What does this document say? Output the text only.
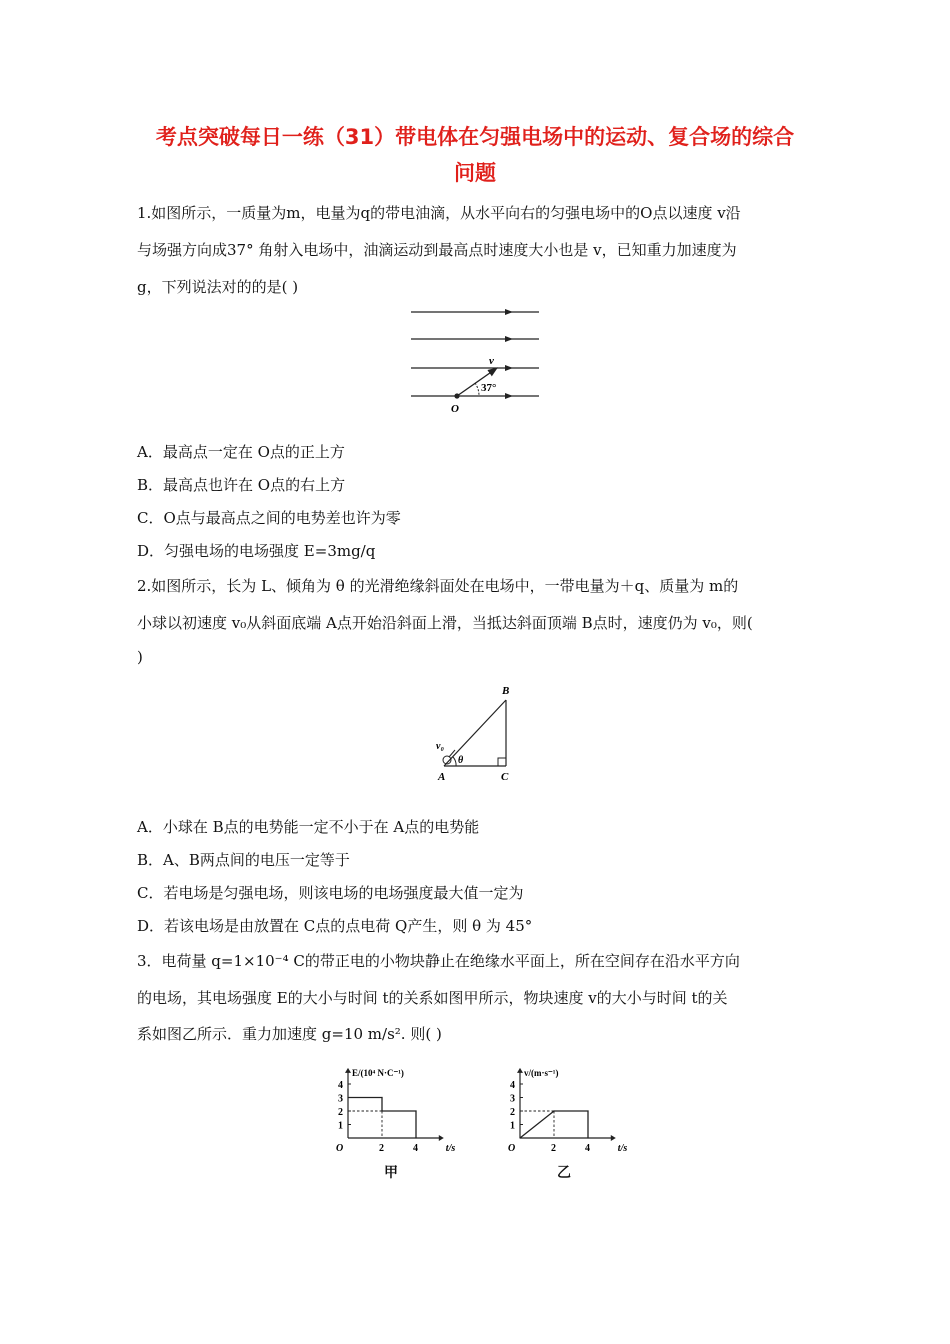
考点突破每日一练（31）带电体在匀强电场中的运动、复合场的综合
问题
1.如图所示，一质量为m，电量为q的带电油滴，从水平向右的匀强电场中的O点以速度 v沿
与场强方向成37° 角射入电场中，油滴运动到最高点时速度大小也是 v，已知重力加速度为
g，下列说法对的的是( )
v
37°
O
A．最高点一定在 O点的正上方
B．最高点也许在 O点的右上方
C．O点与最高点之间的电势差也许为零
D．匀强电场的电场强度 E=3mg/q
2.如图所示，长为 L、倾角为 θ 的光滑绝缘斜面处在电场中，一带电量为＋q、质量为 m的
小球以初速度 v₀从斜面底端 A点开始沿斜面上滑，当抵达斜面顶端 B点时，速度仍为 v₀，则(
)
B
A	C
v₀
θ
A．小球在 B点的电势能一定不小于在 A点的电势能
B．A、B两点间的电压一定等于
C．若电场是匀强电场，则该电场的电场强度最大值一定为
D．若该电场是由放置在 C点的点电荷 Q产生，则 θ 为 45°
3．电荷量 q=1×10⁻⁴ C的带正电的小物块静止在绝缘水平面上，所在空间存在沿水平方向
的电场，其电场强度 E的大小与时间 t的关系如图甲所示，物块速度 v的大小与时间 t的关
系如图乙所示．重力加速度 g=10 m/s². 则( )
1
2
3
4
2	4
O
E/(10⁴ N·C⁻¹)
t/s
甲
1
2
3
4
2	4
O
v/(m·s⁻¹)
t/s
乙
